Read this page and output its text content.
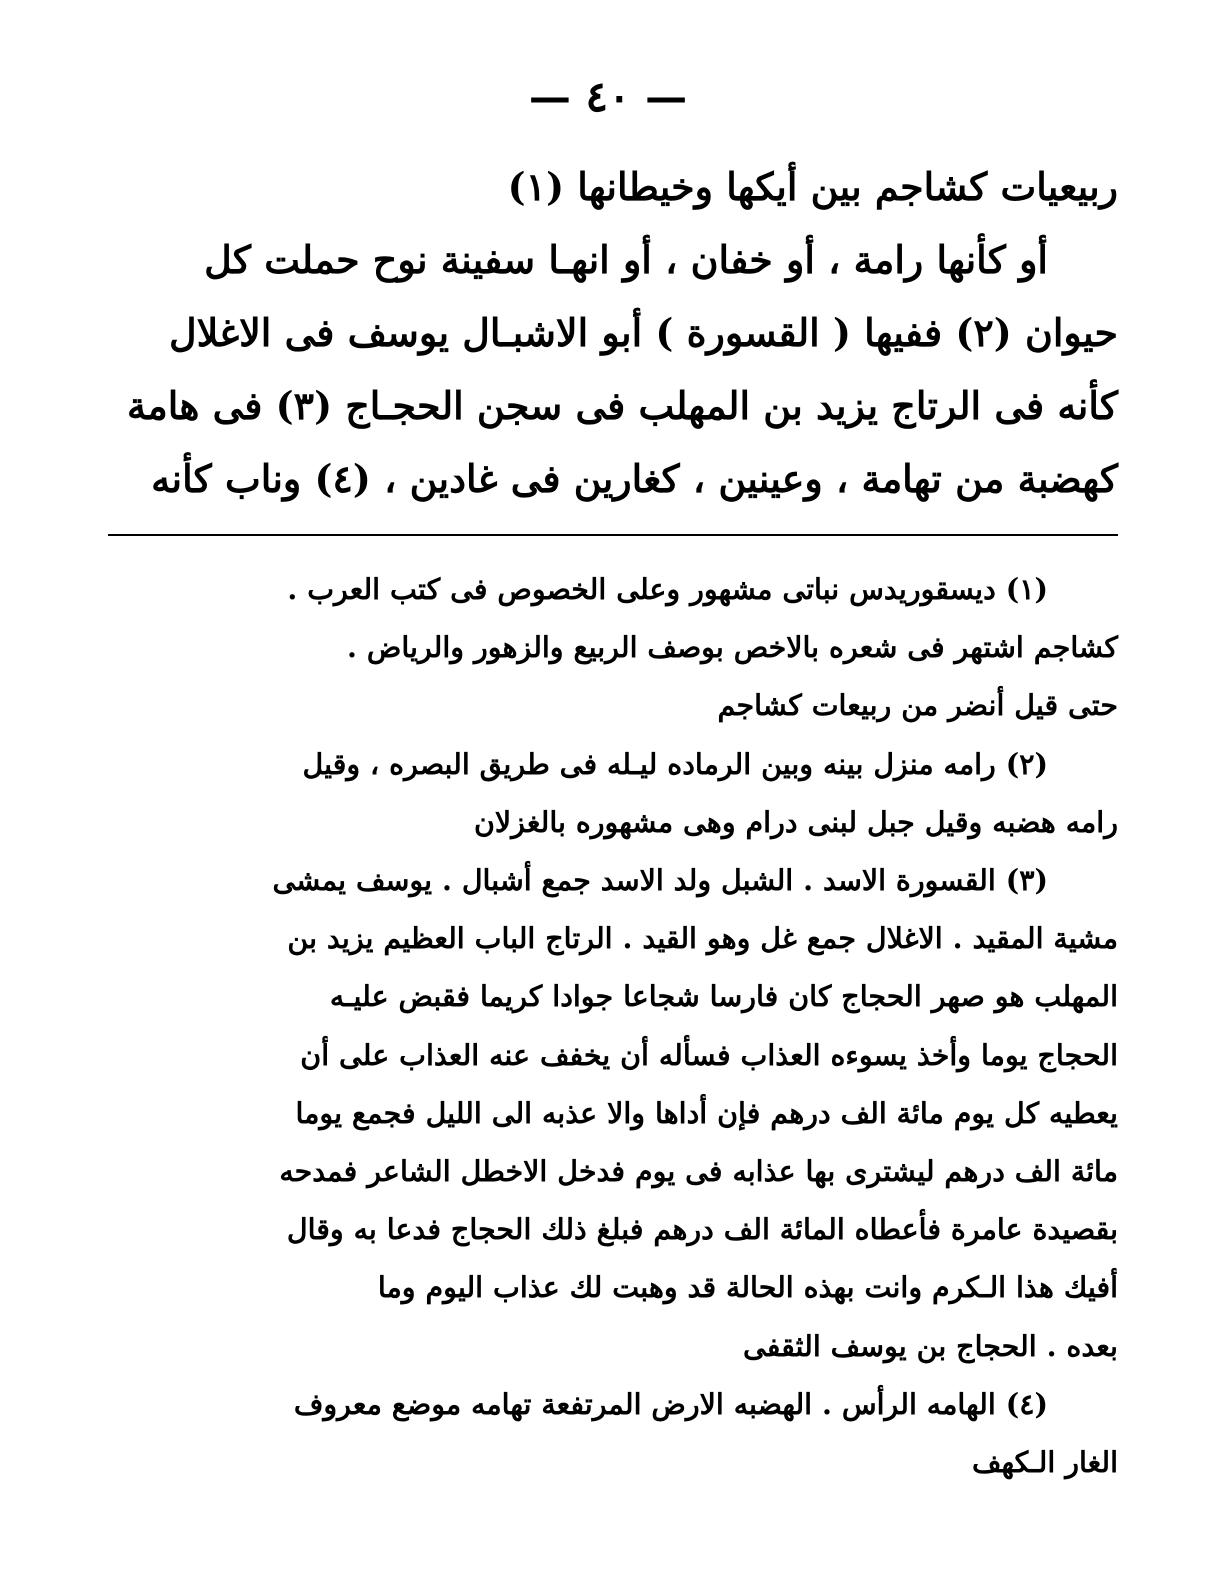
— ٤٠ —

ربيعيات كشاجم بين أيكها وخيطانها (١)

أو كأنها رامة ، أو خفان ، أو انهـا سفينة نوح حملت كل

حيوان (٢) ففيها ( القسورة ) أبو الاشبـال يوسف فى الاغلال

كأنه فى الرتاج يزيد بن المهلب فى سجن الحجـاج (٣) فى هامة

كهضبة من تهامة ، وعينين ، كغارين فى غادين ، (٤) وناب كأنه

(١) ديسقوريدس نباتى مشهور وعلى الخصوص فى كتب العرب .

كشاجم اشتهر فى شعره بالاخص بوصف الربيع والزهور والرياض .

حتى قيل أنضر من ربيعات كشاجم

(٢) رامه منزل بينه وبين الرماده ليـله فى طريق البصره ، وقيل

رامه هضبه وقيل جبل لبنى درام وهى مشهوره بالغزلان

(٣) القسورة الاسد . الشبل ولد الاسد جمع أشبال . يوسف يمشى

مشية المقيد . الاغلال جمع غل وهو القيد . الرتاج الباب العظيم يزيد بن

المهلب هو صهر الحجاج كان فارسا شجاعا جوادا كريما فقبض عليـه

الحجاج يوما وأخذ يسوءه العذاب فسأله أن يخفف عنه العذاب على أن

يعطيه كل يوم مائة الف درهم فإن أداها والا عذبه الى الليل فجمع يوما

مائة الف درهم ليشترى بها عذابه فى يوم فدخل الاخطل الشاعر فمدحه

بقصيدة عامرة فأعطاه المائة الف درهم فبلغ ذلك الحجاج فدعا به وقال

أفيك هذا الـكرم وانت بهذه الحالة قد وهبت لك عذاب اليوم وما

بعده . الحجاج بن يوسف الثقفى

(٤) الهامه الرأس . الهضبه الارض المرتفعة تهامه موضع معروف

الغار الـكهف
